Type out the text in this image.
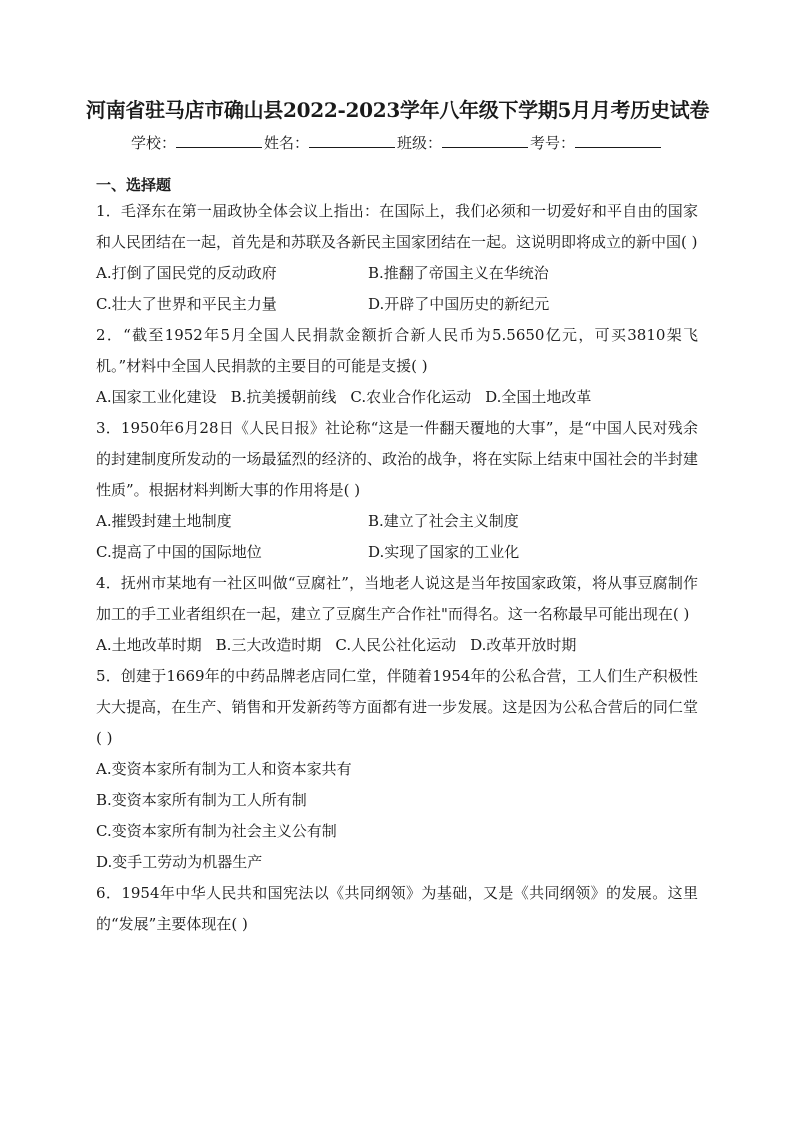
河南省驻马店市确山县2022-2023学年八年级下学期5月月考历史试卷
学校：	姓名：	班级：	考号：
一、选择题

1．毛泽东在第一届政协全体会议上指出：在国际上，我们必须和一切爱好和平自由的国家和人民团结在一起，首先是和苏联及各新民主国家团结在一起。这说明即将成立的新中国( )

A.打倒了国民党的反动政府	B.推翻了帝国主义在华统治
C.壮大了世界和平民主力量	D.开辟了中国历史的新纪元

2．“截至1952年5月全国人民捐款金额折合新人民币为5.5650亿元，可买3810架飞机。”材料中全国人民捐款的主要目的可能是支援( )

A.国家工业化建设 B.抗美援朝前线 C.农业合作化运动 D.全国土地改革

3．1950年6月28日《人民日报》社论称“这是一件翻天覆地的大事”，是“中国人民对残余的封建制度所发动的一场最猛烈的经济的、政治的战争，将在实际上结束中国社会的半封建性质”。根据材料判断大事的作用将是( )

A.摧毁封建土地制度	B.建立了社会主义制度
C.提高了中国的国际地位	D.实现了国家的工业化

4．抚州市某地有一社区叫做“豆腐社”，当地老人说这是当年按国家政策，将从事豆腐制作加工的手工业者组织在一起，建立了豆腐生产合作社"而得名。这一名称最早可能出现在( )

A.土地改革时期 B.三大改造时期 C.人民公社化运动 D.改革开放时期

5．创建于1669年的中药品牌老店同仁堂，伴随着1954年的公私合营，工人们生产积极性大大提高，在生产、销售和开发新药等方面都有进一步发展。这是因为公私合营后的同仁堂( )

A.变资本家所有制为工人和资本家共有
B.变资本家所有制为工人所有制
C.变资本家所有制为社会主义公有制
D.变手工劳动为机器生产

6．1954年中华人民共和国宪法以《共同纲领》为基础，又是《共同纲领》的发展。这里的“发展”主要体现在( )
